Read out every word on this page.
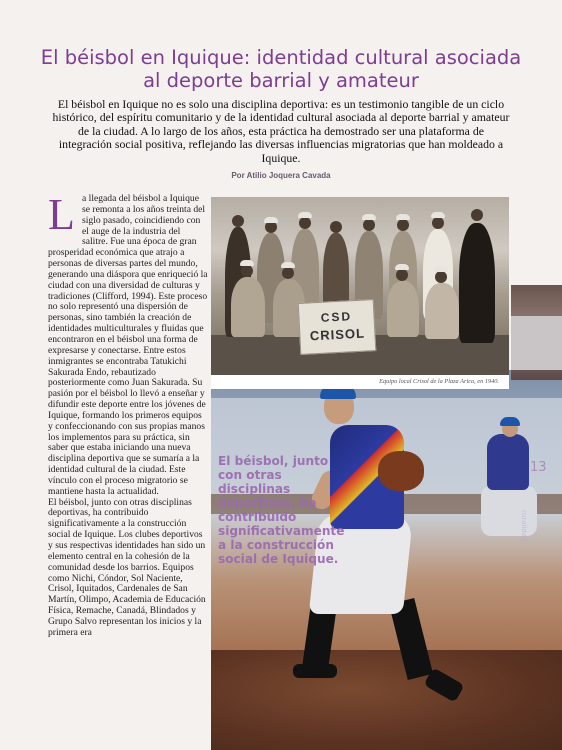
El béisbol en Iquique: identidad cultural asociada al deporte barrial y amateur

El béisbol en Iquique no es solo una disciplina deportiva: es un testimonio tangible de un ciclo histórico, del espíritu comunitario y de la identidad cultural asociada al deporte barrial y amateur de la ciudad. A lo largo de los años, esta práctica ha demostrado ser una plataforma de integración social positiva, reflejando las diversas influencias migratorias que han moldeado a Iquique.

Por Atilio Joquera Cavada
L a llegada del béisbol a Iquique se remonta a los años treinta del siglo pasado, coincidiendo con el auge de la industria del salitre. Fue una época de gran prosperidad económica que atrajo a personas de diversas partes del mundo, generando una diáspora que enriqueció la ciudad con una diversidad de culturas y tradiciones (Clifford, 1994). Este proceso no solo representó una dispersión de personas, sino también la creación de identidades multiculturales y fluidas que encontraron en el béisbol una forma de expresarse y conectarse. Entre estos inmigrantes se encontraba Tatukichi Sakurada Endo, rebautizado posteriormente como Juan Sakurada. Su pasión por el béisbol lo llevó a enseñar y difundir este deporte entre los jóvenes de Iquique, formando los primeros equipos y confeccionando con sus propias manos los implementos para su práctica, sin saber que estaba iniciando una nueva disciplina deportiva que se sumaría a la identidad cultural de la ciudad. Este vínculo con el proceso migratorio se mantiene hasta la actualidad.

El béisbol, junto con otras disciplinas deportivas, ha contribuido significativamente a la construcción social de Iquique. Los clubes deportivos y sus respectivas identidades han sido un elemento central en la cohesión de la comunidad desde los barrios. Equipos como Nichi, Cóndor, Sol Naciente, Crisol, Iquitados, Cardenales de San Martín, Olimpo, Academia de Educación Física, Remache, Canadá, Blindados y Grupo Salvo representan los inicios y la primera era

CSD
CRISOL
Equipo local Crisol de la Plaza Arica, en 1940.
El béisbol, junto con otras disciplinas deportivas, ha contribuido significativamente a la construcción social de Iquique.
13
ruralidad
